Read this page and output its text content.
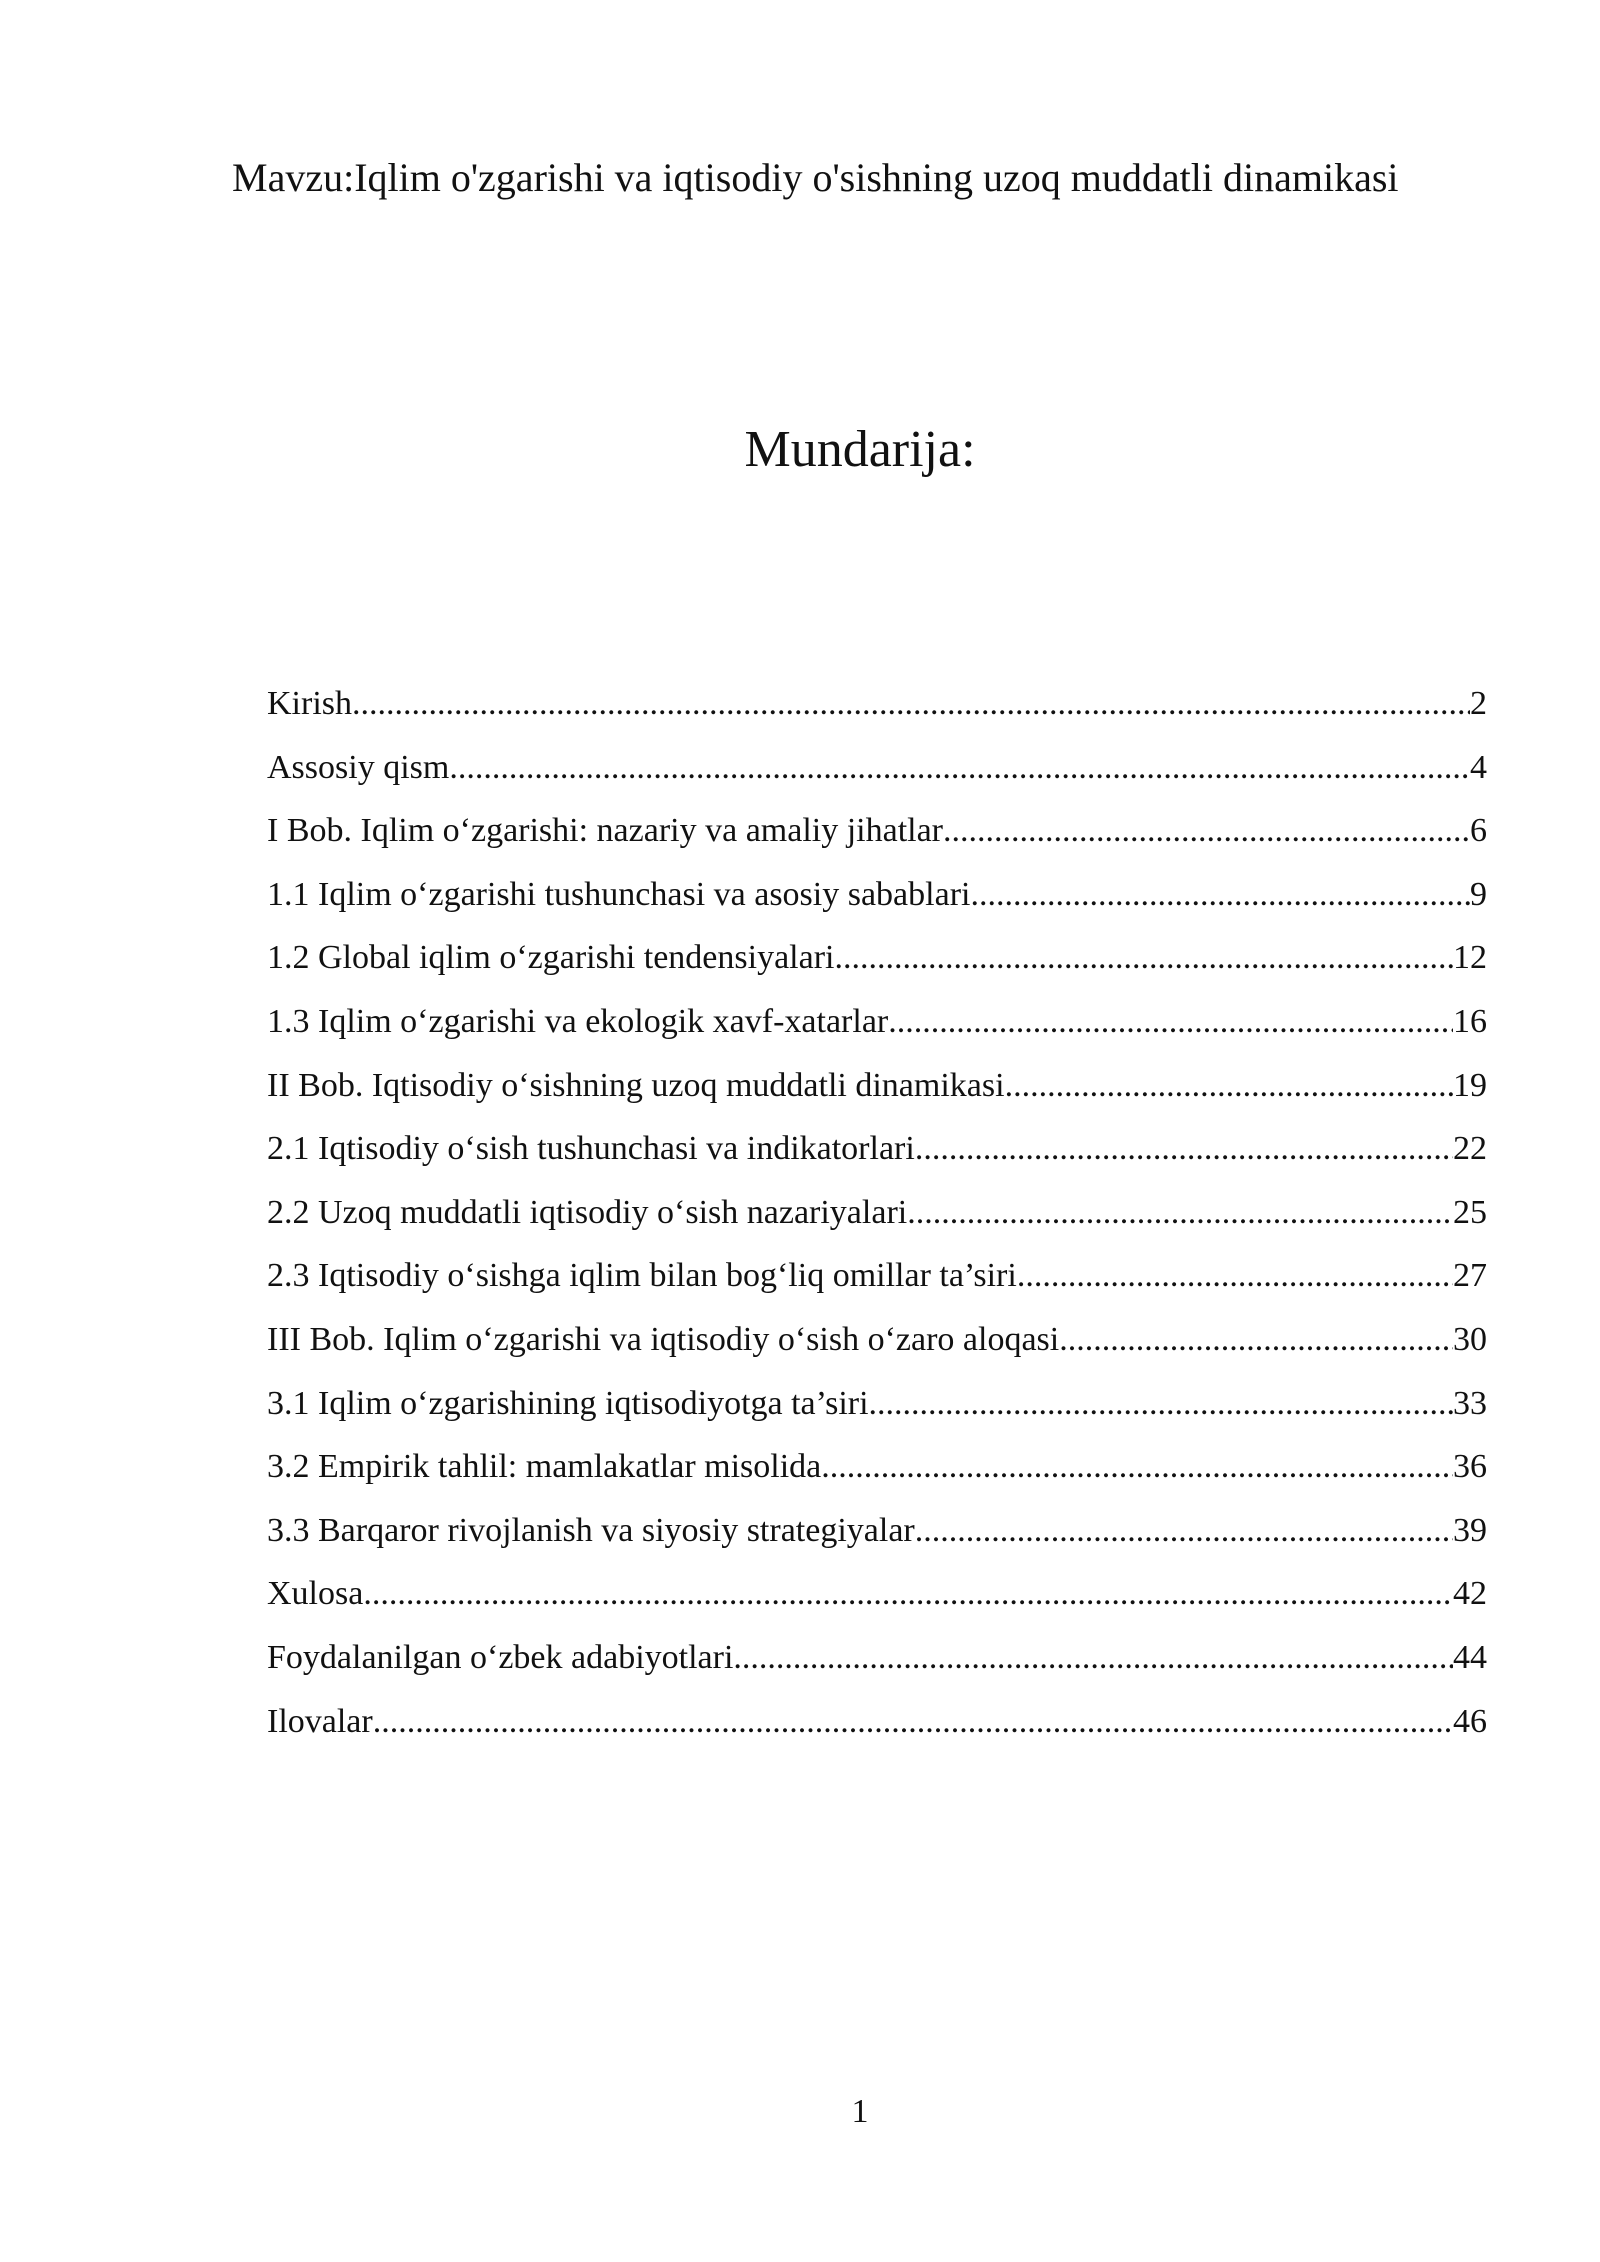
Mavzu:Iqlim o'zgarishi va iqtisodiy o'sishning uzoq muddatli dinamikasi
Mundarija:
Kirish .....	2
Assosiy qism .....	4
I Bob. Iqlim o‘zgarishi: nazariy va amaliy jihatlar .....	6
1.1 Iqlim o‘zgarishi tushunchasi va asosiy sabablari .....	9
1.2 Global iqlim o‘zgarishi tendensiyalari .....	12
1.3 Iqlim o‘zgarishi va ekologik xavf-xatarlar .....	16
II Bob. Iqtisodiy o‘sishning uzoq muddatli dinamikasi .....	19
2.1 Iqtisodiy o‘sish tushunchasi va indikatorlari .....	22
2.2 Uzoq muddatli iqtisodiy o‘sish nazariyalari .....	25
2.3 Iqtisodiy o‘sishga iqlim bilan bog‘liq omillar ta’siri .....	27
III Bob. Iqlim o‘zgarishi va iqtisodiy o‘sish o‘zaro aloqasi .....	30
3.1 Iqlim o‘zgarishining iqtisodiyotga ta’siri .....	33
3.2 Empirik tahlil: mamlakatlar misolida .....	36
3.3 Barqaror rivojlanish va siyosiy strategiyalar .....	39
Xulosa .....	42
Foydalanilgan o‘zbek adabiyotlari .....	44
Ilovalar .....	46
1
